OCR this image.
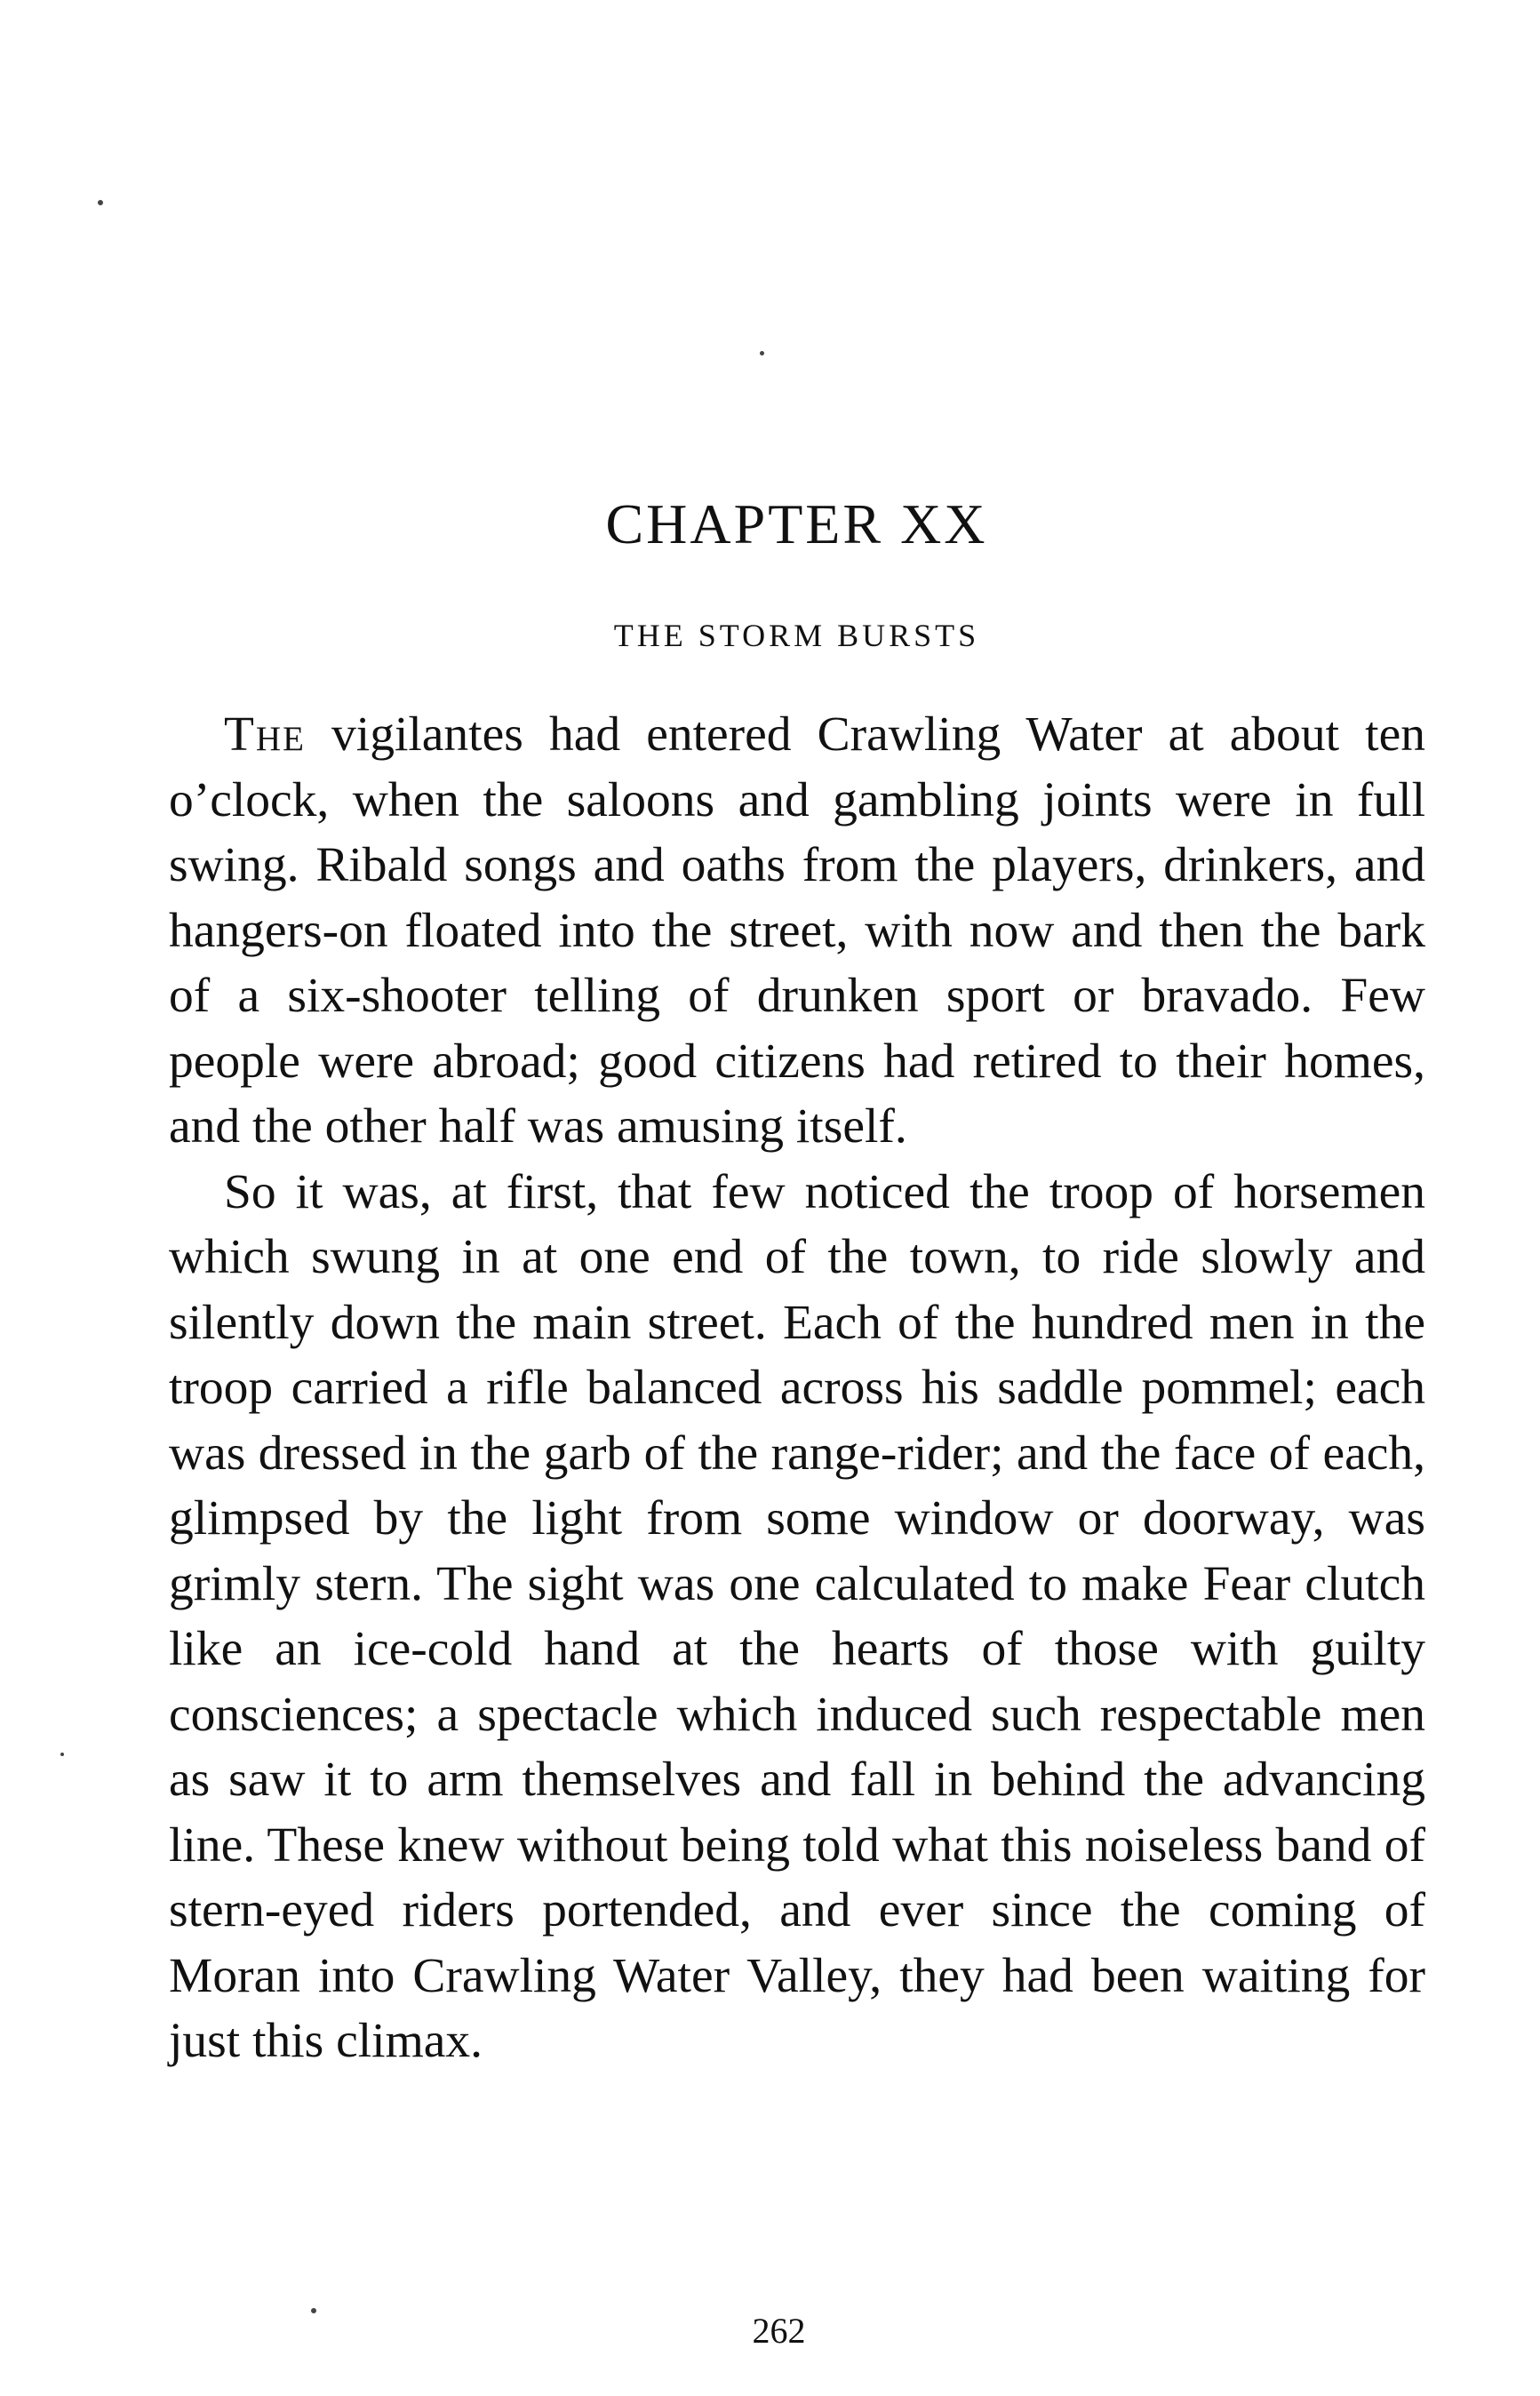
CHAPTER XX
THE STORM BURSTS

The vigilantes had entered Crawling Water at about ten o’clock, when the saloons and gambling joints were in full swing. Ribald songs and oaths from the players, drinkers, and hangers-on floated into the street, with now and then the bark of a six-shooter telling of drunken sport or bravado. Few people were abroad; good citizens had retired to their homes, and the other half was amusing itself.

So it was, at first, that few noticed the troop of horsemen which swung in at one end of the town, to ride slowly and silently down the main street. Each of the hundred men in the troop carried a rifle balanced across his saddle pommel; each was dressed in the garb of the range-rider; and the face of each, glimpsed by the light from some window or doorway, was grimly stern. The sight was one calculated to make Fear clutch like an ice-cold hand at the hearts of those with guilty consciences; a spectacle which induced such respectable men as saw it to arm themselves and fall in behind the advancing line. These knew without being told what this noiseless band of stern-eyed riders portended, and ever since the coming of Moran into Crawling Water Valley, they had been waiting for just this climax.

262
